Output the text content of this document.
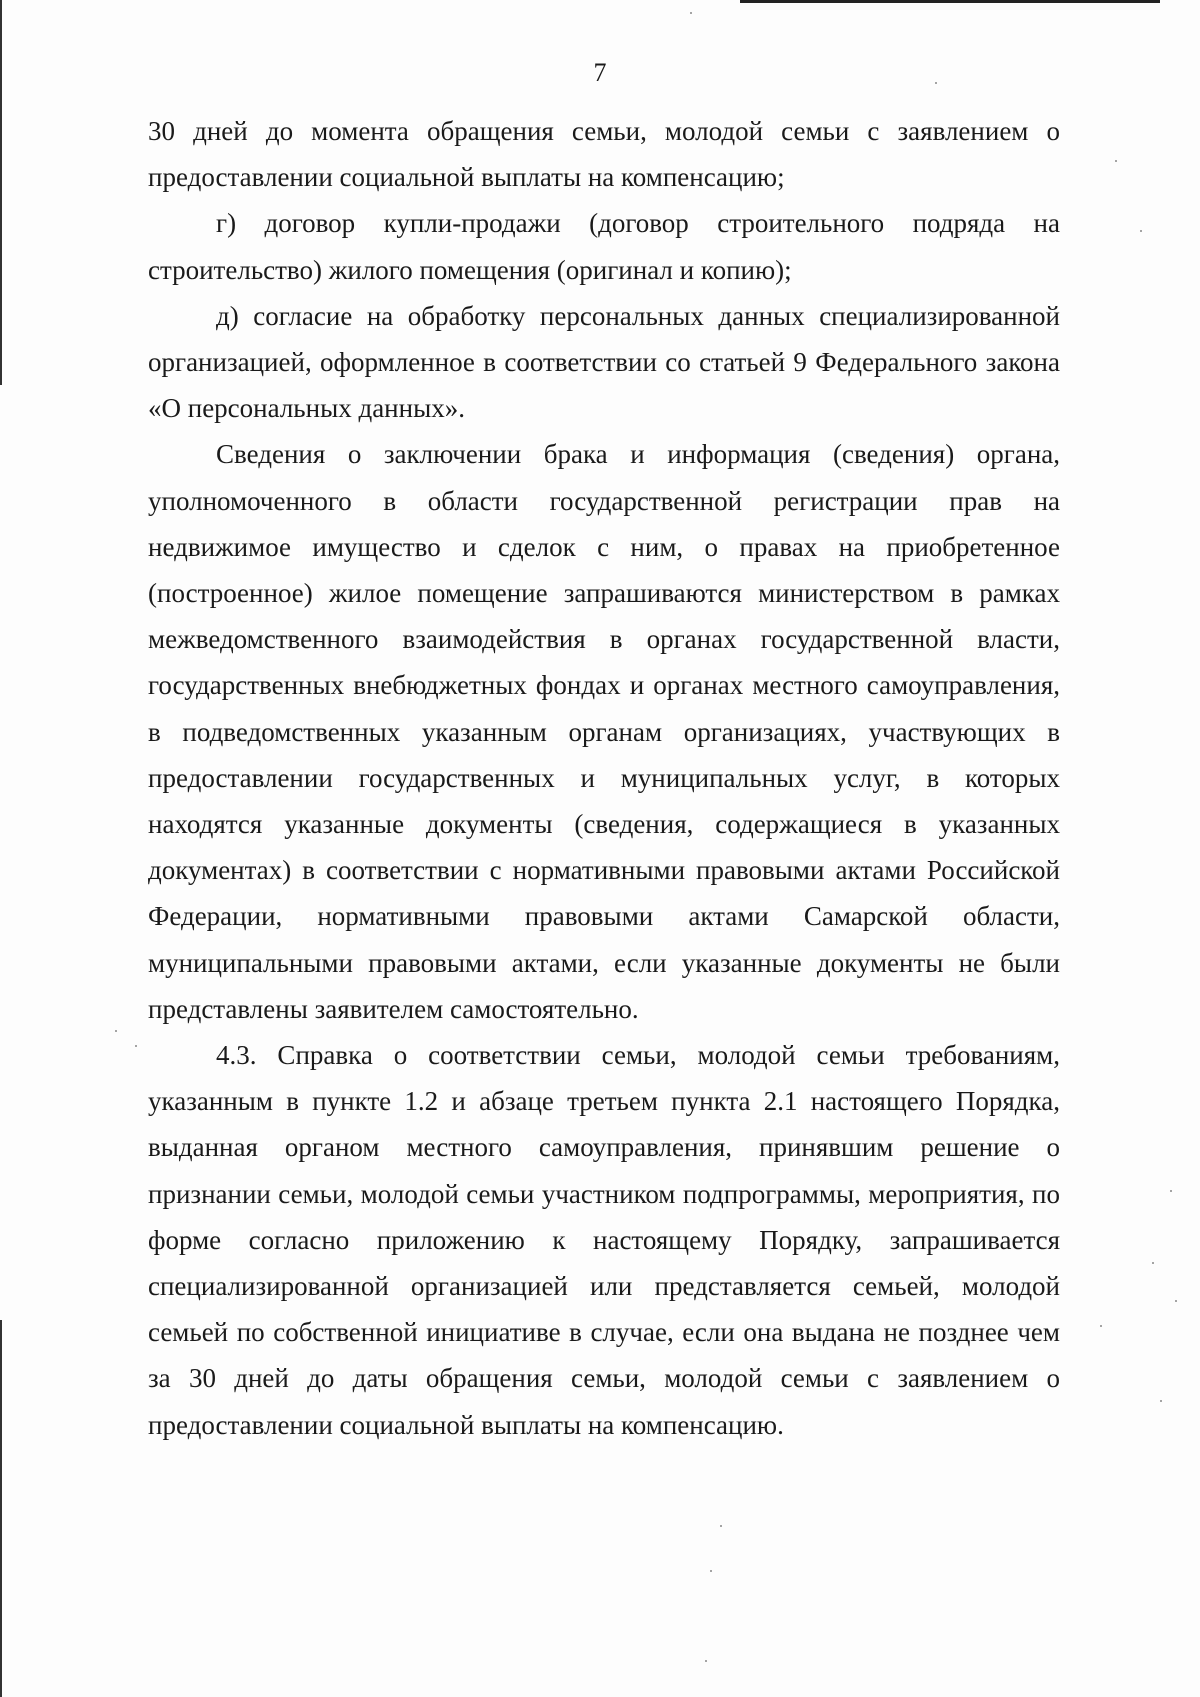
7

30 дней до момента обращения семьи, молодой семьи с заявлением о предоставлении социальной выплаты на компенсацию;

г) договор купли-продажи (договор строительного подряда на строительство) жилого помещения (оригинал и копию);

д) согласие на обработку персональных данных специализированной организацией, оформленное в соответствии со статьей 9 Федерального закона «О персональных данных».

Сведения о заключении брака и информация (сведения) органа, уполномоченного в области государственной регистрации прав на недвижимое имущество и сделок с ним, о правах на приобретенное (построенное) жилое помещение запрашиваются министерством в рамках межведомственного взаимодействия в органах государственной власти, государственных внебюджетных фондах и органах местного самоуправления, в подведомственных указанным органам организациях, участвующих в предоставлении государственных и муниципальных услуг, в которых находятся указанные документы (сведения, содержащиеся в указанных документах) в соответствии с нормативными правовыми актами Российской Федерации, нормативными правовыми актами Самарской области, муниципальными правовыми актами, если указанные документы не были представлены заявителем самостоятельно.

4.3. Справка о соответствии семьи, молодой семьи требованиям, указанным в пункте 1.2 и абзаце третьем пункта 2.1 настоящего Порядка, выданная органом местного самоуправления, принявшим решение о признании семьи, молодой семьи участником подпрограммы, мероприятия, по форме согласно приложению к настоящему Порядку, запрашивается специализированной организацией или представляется семьей, молодой семьей по собственной инициативе в случае, если она выдана не позднее чем за 30 дней до даты обращения семьи, молодой семьи с заявлением о предоставлении социальной выплаты на компенсацию.
